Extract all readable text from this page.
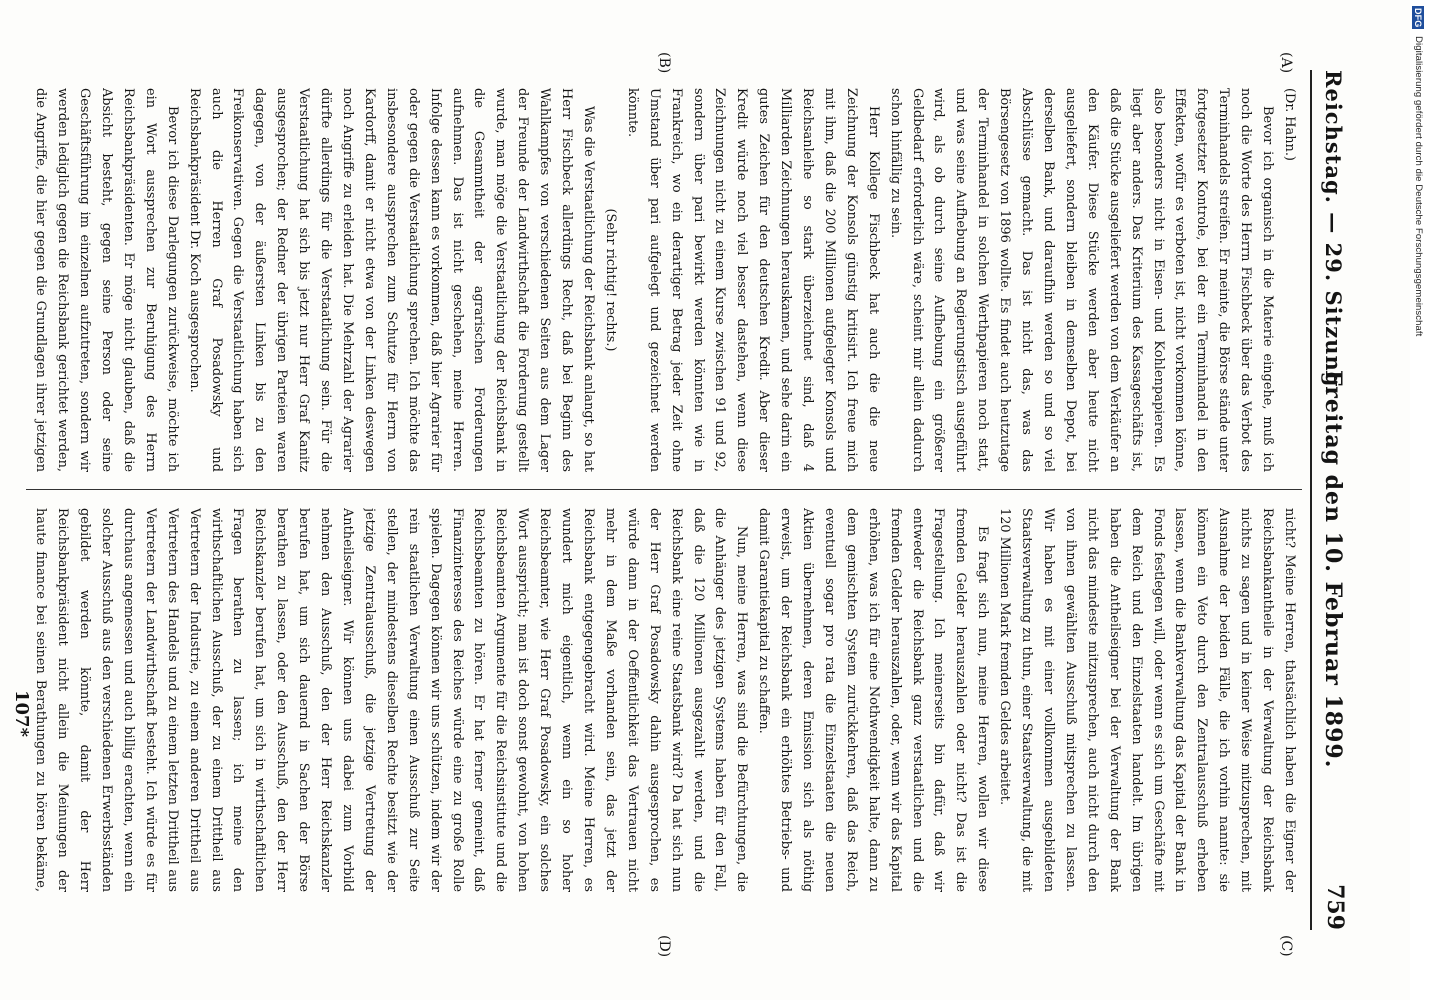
Reichstag. — 29. Sitzung.
Freitag den 10. Februar 1899.
759
(A)
(B)
(C)
(D)

(Dr. Hahn.)

Bevor ich organisch in die Materie eingehe, muß ich noch die Worte des Herrn Fischbeck über das Verbot des Terminhandels streifen. Er meinte, die Börse stände unter fortgesetzter Kontrole, bei der ein Terminhandel in den Effekten, wofür es verboten ist, nicht vorkommen könne, also besonders nicht in Eisen- und Kohlenpapieren. Es liegt aber anders. Das Kriterium des Kassageschäfts ist, daß die Stücke ausgeliefert werden von dem Verkäufer an den Käufer. Diese Stücke werden aber heute nicht ausgeliefert, sondern bleiben in demselben Depot, bei derselben Bank, und daraufhin werden so und so viel Abschlüsse gemacht. Das ist nicht das, was das Börsengesetz von 1896 wollte. Es findet auch heutzutage der Terminhandel in solchen Werthpapieren noch statt, und was seine Aufhebung an Regierungstisch ausgeführt wird, als ob durch seine Aufhebung ein größerer Geldbedarf erforderlich wäre, scheint mir allein dadurch schon hinfällig zu sein.

Herr Kollege Fischbeck hat auch die die neue Zeichnung der Konsols günstig kritisirt. Ich freue mich mit ihm, daß die 200 Millionen aufgelegter Konsols und Reichsanleihe so stark überzeichnet sind, daß 4 Milliarden Zeichnungen herauskamen, und sehe darin ein gutes Zeichen für den deutschen Kredit. Aber dieser Kredit würde noch viel besser dastehen, wenn diese Zeichnungen nicht zu einem Kurse zwischen 91 und 92, sondern über pari bewirkt werden könnten wie in Frankreich, wo ein derartiger Betrag jeder Zeit ohne Umstand über pari aufgelegt und gezeichnet werden könnte.

(Sehr richtig! rechts.)

Was die Verstaatlichung der Reichsbank anlangt, so hat Herr Fischbeck allerdings Recht, daß bei Beginn des Wahlkampfes von verschiedenen Seiten aus dem Lager der Freunde der Landwirthschaft die Forderung gestellt wurde, man möge die Verstaatlichung der Reichsbank in die Gesammtheit der agrarischen Forderungen aufnehmen. Das ist nicht geschehen, meine Herren. Infolge dessen kann es vorkommen, daß hier Agrarier für oder gegen die Verstaatlichung sprechen. Ich möchte das insbesondere aussprechen zum Schutze für Herrn von Kardorff, damit er nicht etwa von der Linken deswegen noch Angriffe zu erleiden hat. Die Mehrzahl der Agrarier dürfte allerdings für die Verstaatlichung sein. Für die Verstaatlichung hat sich bis jetzt nur Herr Graf Kanitz ausgesprochen; der Redner der übrigen Parteien waren dagegen, von der äußersten Linken bis zu den Freikonservativen. Gegen die Verstaatlichung haben sich auch die Herren Graf Posadowsky und Reichsbankpräsident Dr. Koch ausgesprochen.

Bevor ich diese Darlegungen zurückweise, möchte ich ein Wort aussprechen zur Beruhigung des Herrn Reichsbankpräsidenten. Er möge nicht glauben, daß die Absicht besteht, gegen seine Person oder seine Geschäftsführung im einzelnen aufzutreten, sondern wir werden lediglich gegen die Reichsbank gerichtet werden, die Angriffe, die hier gegen die Grundlagen ihrer jetzigen

nicht? Meine Herren, thatsächlich haben die Eigner der Reichsbankantheile in der Verwaltung der Reichsbank nichts zu sagen und in keiner Weise mitzusprechen, mit Ausnahme der beiden Fälle, die ich vorhin nannte: sie können ein Veto durch den Zentralausschuß erheben lassen, wenn die Bankverwaltung das Kapital der Bank in Fonds festlegen will, oder wenn es sich um Geschäfte mit dem Reich und den Einzelstaaten handelt. Im übrigen haben die Antheilseigner bei der Verwaltung der Bank nicht das mindeste mitzusprechen, auch nicht durch den von ihnen gewählten Ausschuß mitsprechen zu lassen. Wir haben es mit einer vollkommen ausgebildeten Staatsverwaltung zu thun, einer Staatsverwaltung, die mit 120 Millionen Mark fremden Geldes arbeitet.

Es fragt sich nun, meine Herren, wollen wir diese fremden Gelder herauszahlen oder nicht? Das ist die Fragestellung. Ich meinerseits bin dafür, daß wir entweder die Reichsbank ganz verstaatlichen und die fremden Gelder herauszahlen, oder, wenn wir das Kapital erhöhen, was ich für eine Nothwendigkeit halte, dann zu dem gemischten System zurückkehren, daß das Reich, eventuell sogar pro rata die Einzelstaaten die neuen Aktien übernehmen, deren Emission sich als nöthig erweist, um der Reichsbank ein erhöhtes Betriebs- und damit Garantiekapital zu schaffen.

Nun, meine Herren, was sind die Befürchtungen, die die Anhänger des jetzigen Systems haben für den Fall, daß die 120 Millionen ausgezahlt werden, und die Reichsbank eine reine Staatsbank wird? Da hat sich nun der Herr Graf Posadowsky dahin ausgesprochen, es würde dann in der Oeffentlichkeit das Vertrauen nicht mehr in dem Maße vorhanden sein, das jetzt der Reichsbank entgegengebracht wird. Meine Herren, es wundert mich eigentlich, wenn ein so hoher Reichsbeamter, wie Herr Graf Posadowsky, ein solches Wort ausspricht; man ist doch sonst gewohnt, von hohen Reichsbeamten Argumente für die Reichsinstitute und die Reichsbeamten zu hören. Er hat ferner gemeint, daß Finanzinteresse des Reiches würde eine zu große Rolle spielen. Dagegen können wir uns schützen, indem wir der rein staatlichen Verwaltung einen Ausschuß zur Seite stellen, der mindestens dieselben Rechte besitzt wie der jetzige Zentralausschuß, die jetzige Vertretung der Antheilseigner. Wir können uns dabei zum Vorbild nehmen den Ausschuß, den der Herr Reichskanzler berufen hat, um sich dauernd in Sachen der Börse berathen zu lassen, oder den Ausschuß, den der Herr Reichskanzler berufen hat, um sich in wirthschaftlichen Fragen berathen zu lassen; ich meine den wirthschaftlichen Ausschuß, der zu einem Drittheil aus Vertretern der Industrie, zu einem anderen Drittheil aus Vertretern des Handels und zu einem letzten Drittheil aus Vertretern der Landwirthschaft besteht. Ich würde es für durchaus angemessen und auch billig erachten, wenn ein solcher Ausschuß aus den verschiedenen Erwerbsständen gebildet werden könnte, damit der Herr Reichsbankpräsident nicht allein die Meinungen der haute finance bei seinen Berathungen zu hören bekäme,

107*
DFG Digitalisierung gefördert durch die Deutsche Forschungsgemeinschaft
